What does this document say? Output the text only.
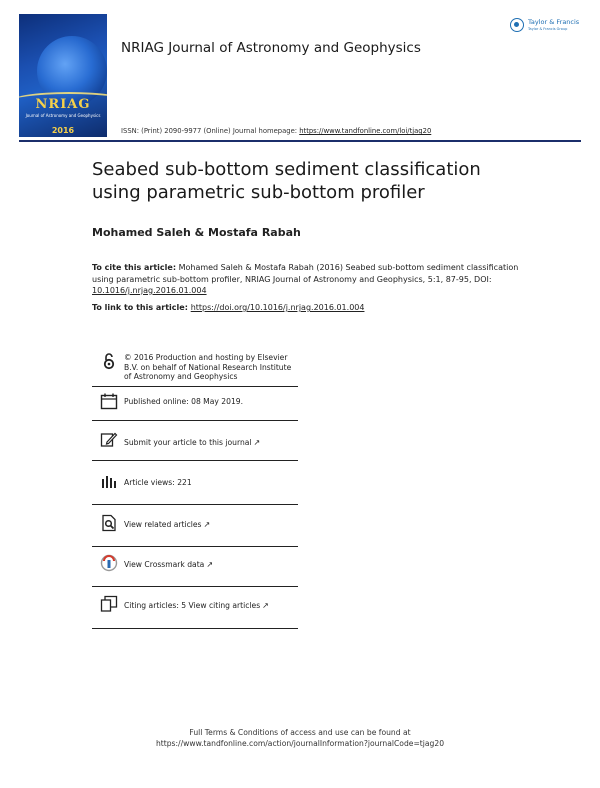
NRIAG
Journal of Astronomy and Geophysics
2016
NRIAG Journal of Astronomy and Geophysics
ISSN: (Print) 2090-9977 (Online) Journal homepage: https://www.tandfonline.com/loi/tjag20
Taylor & Francis
Taylor & Francis Group
Seabed sub-bottom sediment classification using parametric sub-bottom profiler
Mohamed Saleh & Mostafa Rabah
To cite this article: Mohamed Saleh & Mostafa Rabah (2016) Seabed sub-bottom sediment classification using parametric sub-bottom profiler, NRIAG Journal of Astronomy and Geophysics, 5:1, 87-95, DOI: 10.1016/j.nrjag.2016.01.004
To link to this article: https://doi.org/10.1016/j.nrjag.2016.01.004
© 2016 Production and hosting by Elsevier B.V. on behalf of National Research Institute of Astronomy and Geophysics
Published online: 08 May 2019.
Submit your article to this journal ↗
Article views: 221
View related articles ↗
View Crossmark data ↗
Citing articles: 5 View citing articles ↗
Full Terms & Conditions of access and use can be found at
https://www.tandfonline.com/action/journalInformation?journalCode=tjag20
